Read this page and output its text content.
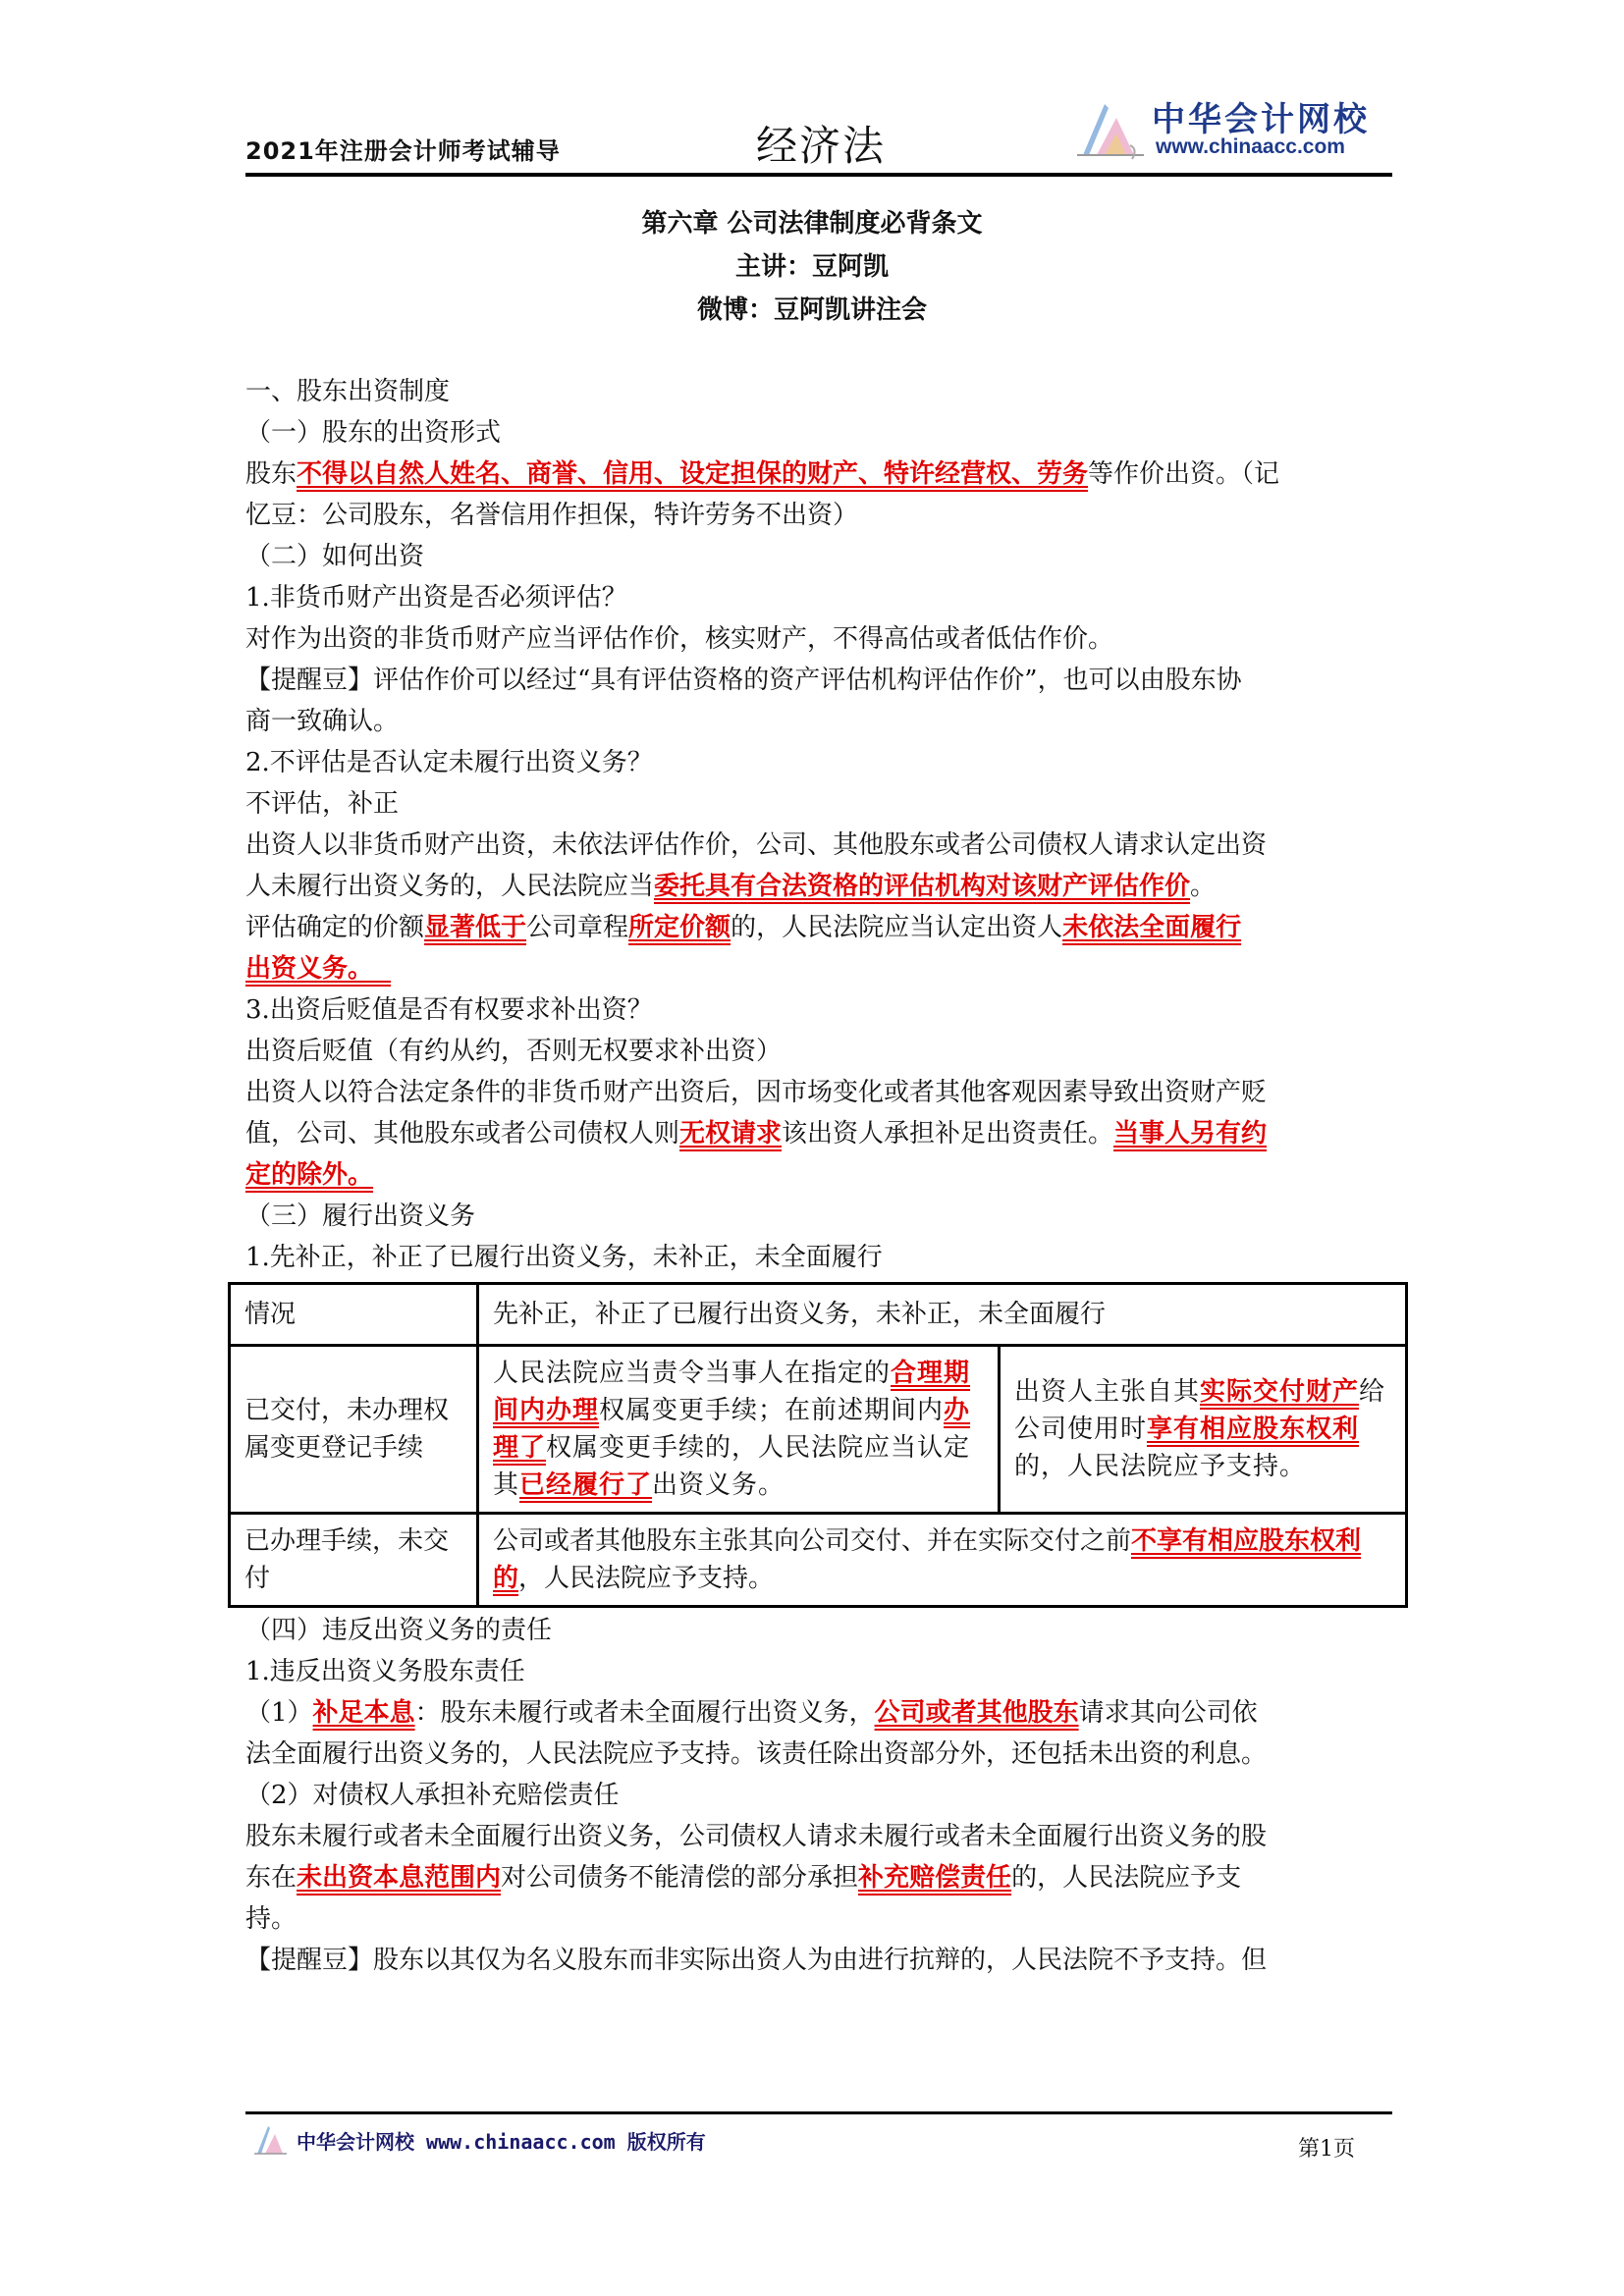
2021年注册会计师考试辅导	经济法
中华会计网校
www.chinaacc.com
第六章 公司法律制度必背条文
主讲：豆阿凯
微博：豆阿凯讲注会
一、股东出资制度
（一）股东的出资形式
股东不得以自然人姓名、商誉、信用、设定担保的财产、特许经营权、劳务等作价出资。（记
忆豆：公司股东，名誉信用作担保，特许劳务不出资）
（二）如何出资
1.非货币财产出资是否必须评估？
对作为出资的非货币财产应当评估作价，核实财产，不得高估或者低估作价。
【提醒豆】评估作价可以经过“具有评估资格的资产评估机构评估作价”，也可以由股东协
商一致确认。
2.不评估是否认定未履行出资义务？
不评估，补正
出资人以非货币财产出资，未依法评估作价，公司、其他股东或者公司债权人请求认定出资
人未履行出资义务的，人民法院应当委托具有合法资格的评估机构对该财产评估作价。
评估确定的价额显著低于公司章程所定价额的，人民法院应当认定出资人未依法全面履行
出资义务。
3.出资后贬值是否有权要求补出资？
出资后贬值（有约从约，否则无权要求补出资）
出资人以符合法定条件的非货币财产出资后，因市场变化或者其他客观因素导致出资财产贬
值，公司、其他股东或者公司债权人则无权请求该出资人承担补足出资责任。当事人另有约
定的除外。
（三）履行出资义务
1.先补正，补正了已履行出资义务，未补正，未全面履行
情况	先补正，补正了已履行出资义务，未补正，未全面履行	
已交付，未办理权属变更登记手续	人民法院应当责令当事人在指定的合理期间内办理权属变更手续；在前述期间内办理了权属变更手续的，人民法院应当认定其已经履行了出资义务。	出资人主张自其实际交付财产给公司使用时享有相应股东权利的，人民法院应予支持。
已办理手续，未交付	公司或者其他股东主张其向公司交付、并在实际交付之前不享有相应股东权利的，人民法院应予支持。	
（四）违反出资义务的责任
1.违反出资义务股东责任
（1）补足本息：股东未履行或者未全面履行出资义务，公司或者其他股东请求其向公司依
法全面履行出资义务的，人民法院应予支持。该责任除出资部分外，还包括未出资的利息。
（2）对债权人承担补充赔偿责任
股东未履行或者未全面履行出资义务，公司债权人请求未履行或者未全面履行出资义务的股
东在未出资本息范围内对公司债务不能清偿的部分承担补充赔偿责任的，人民法院应予支
持。
【提醒豆】股东以其仅为名义股东而非实际出资人为由进行抗辩的，人民法院不予支持。但
中华会计网校 www.chinaacc.com 版权所有	第1页
